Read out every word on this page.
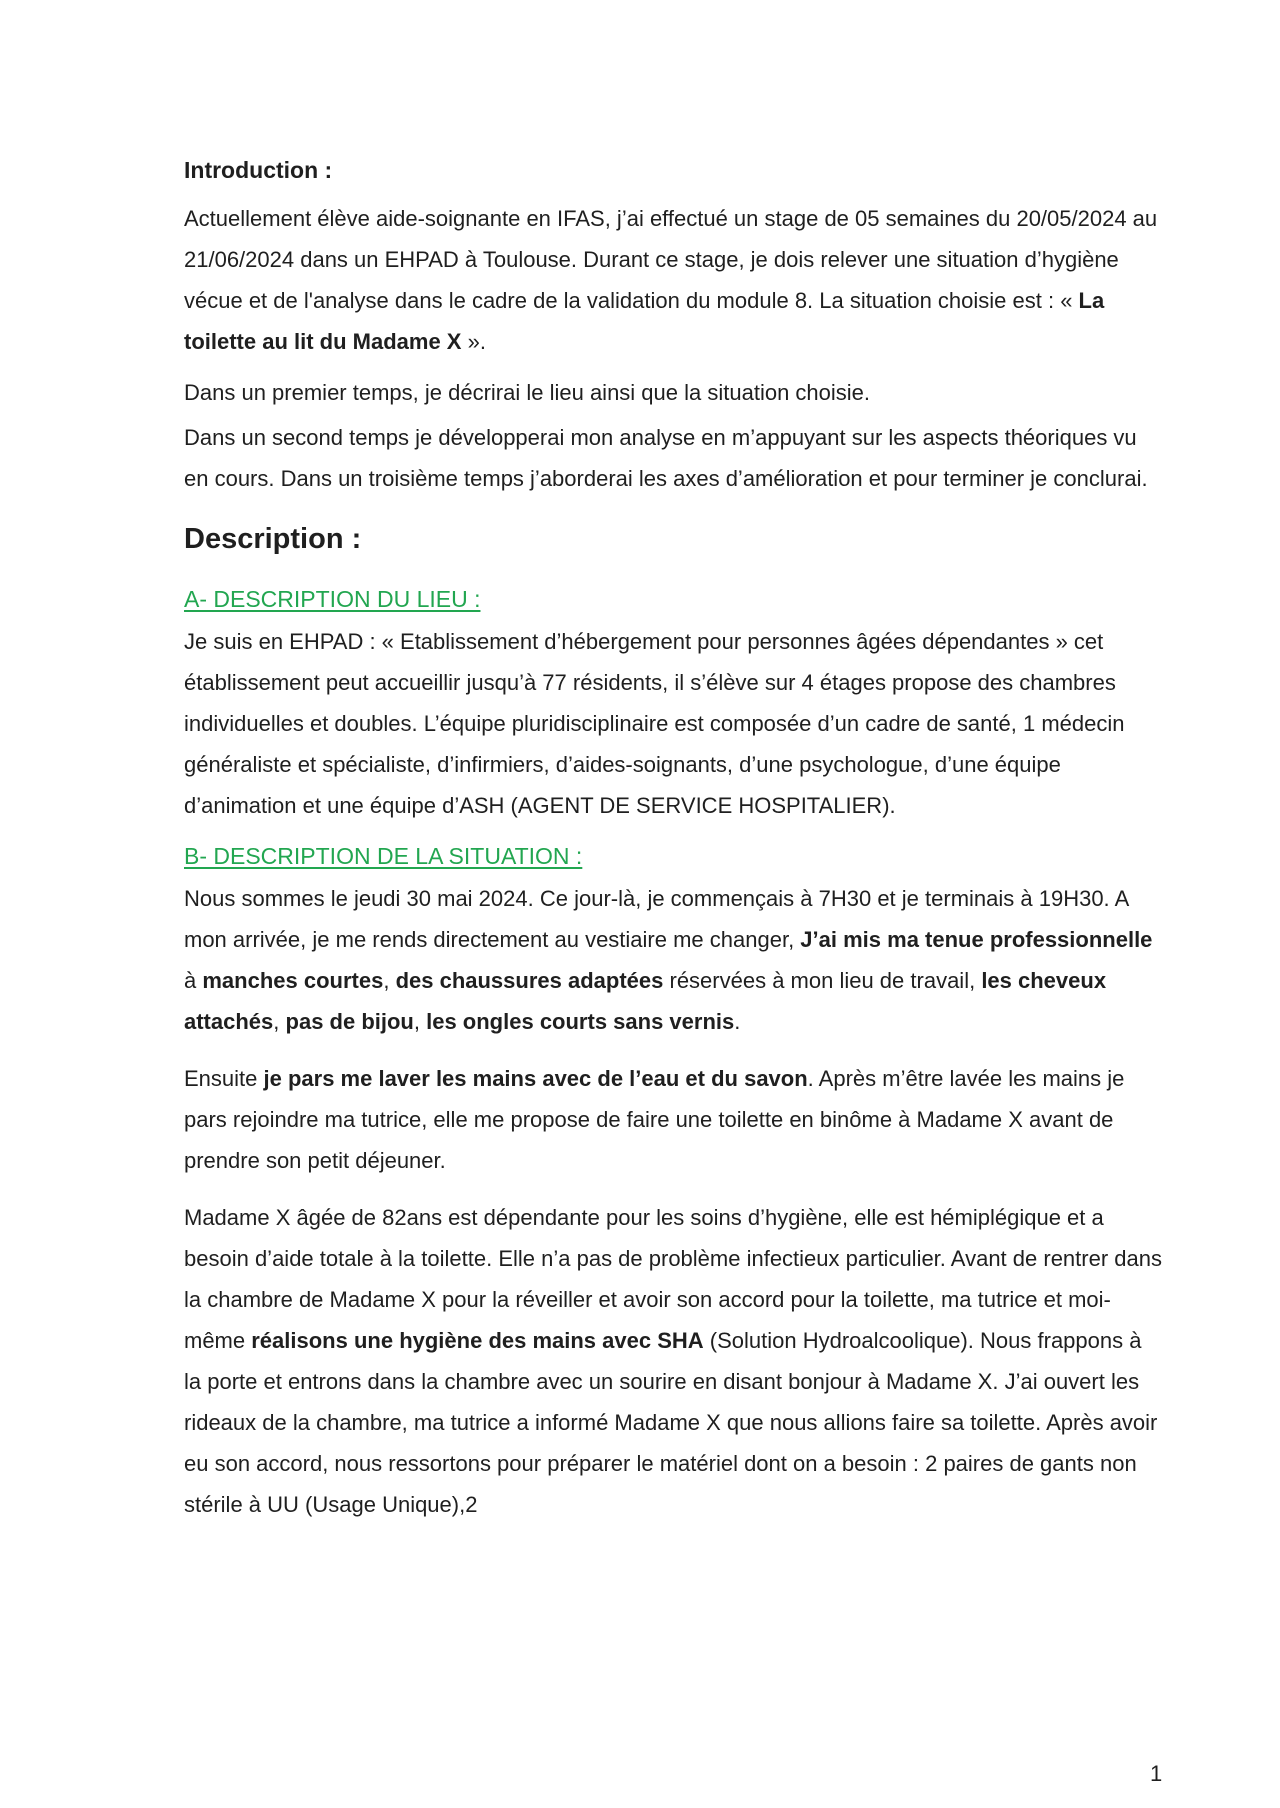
Introduction :

Actuellement élève aide-soignante en IFAS, j’ai effectué un stage de 05 semaines du 20/05/2024 au 21/06/2024 dans un EHPAD à Toulouse. Durant ce stage, je dois relever une situation d’hygiène vécue et de l'analyse dans le cadre de la validation du module 8. La situation choisie est : « La toilette au lit du Madame X ».

Dans un premier temps, je décrirai le lieu ainsi que la situation choisie.

Dans un second temps je développerai mon analyse en m’appuyant sur les aspects théoriques vu en cours. Dans un troisième temps j’aborderai les axes d’amélioration et pour terminer je conclurai.

Description :
A- DESCRIPTION DU LIEU :

Je suis en EHPAD : « Etablissement d’hébergement pour personnes âgées dépendantes » cet établissement peut accueillir jusqu’à 77 résidents, il s’élève sur 4 étages propose des chambres individuelles et doubles. L’équipe pluridisciplinaire est composée d’un cadre de santé, 1 médecin généraliste et spécialiste, d’infirmiers, d’aides-soignants, d’une psychologue, d’une équipe d’animation et une équipe d’ASH (AGENT DE SERVICE HOSPITALIER).

B- DESCRIPTION DE LA SITUATION :

Nous sommes le jeudi 30 mai 2024. Ce jour-là, je commençais à 7H30 et je terminais à 19H30. A mon arrivée, je me rends directement au vestiaire me changer, J’ai mis ma tenue professionnelle à manches courtes, des chaussures adaptées réservées à mon lieu de travail, les cheveux attachés, pas de bijou, les ongles courts sans vernis.

Ensuite je pars me laver les mains avec de l’eau et du savon. Après m’être lavée les mains je pars rejoindre ma tutrice, elle me propose de faire une toilette en binôme à Madame X avant de prendre son petit déjeuner.

Madame X âgée de 82ans est dépendante pour les soins d’hygiène, elle est hémiplégique et a besoin d’aide totale à la toilette. Elle n’a pas de problème infectieux particulier. Avant de rentrer dans la chambre de Madame X pour la réveiller et avoir son accord pour la toilette, ma tutrice et moi-même réalisons une hygiène des mains avec SHA (Solution Hydroalcoolique). Nous frappons à la porte et entrons dans la chambre avec un sourire en disant bonjour à Madame X. J’ai ouvert les rideaux de la chambre, ma tutrice a informé Madame X que nous allions faire sa toilette. Après avoir eu son accord, nous ressortons pour préparer le matériel dont on a besoin : 2 paires de gants non stérile à UU (Usage Unique),2

1
